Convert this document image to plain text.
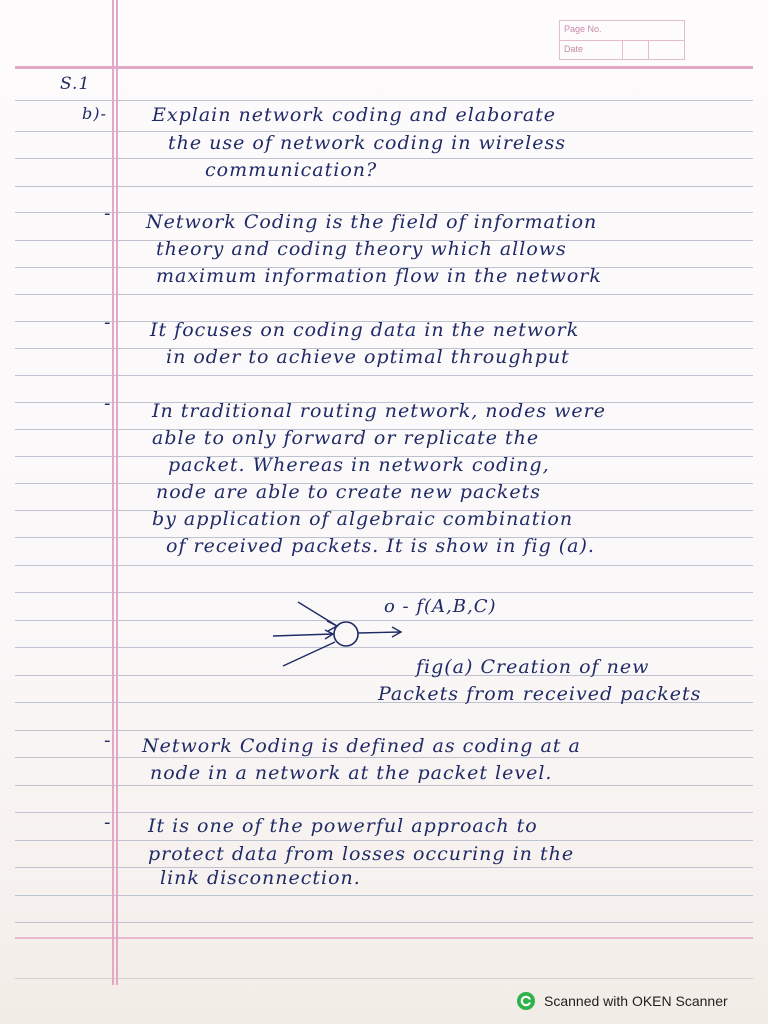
Page No.
Date
S.1
b)- Explain network coding and elaborate
the use of network coding in wireless
communication?
- Network Coding is the field of information
theory and coding theory which allows
maximum information flow in the network
- It focuses on coding data in the network
in oder to achieve optimal throughput
- In traditional routing network, nodes were
able to only forward or replicate the
packet. Whereas in network coding,
node are able to create new packets
by application of algebraic combination
of received packets. It is show in fig (a).
o - f(A,B,C)
fig(a) Creation of new
Packets from received packets
- Network Coding is defined as coding at a
node in a network at the packet level.
- It is one of the powerful approach to
protect data from losses occuring in the
link disconnection.
Scanned with OKEN Scanner
